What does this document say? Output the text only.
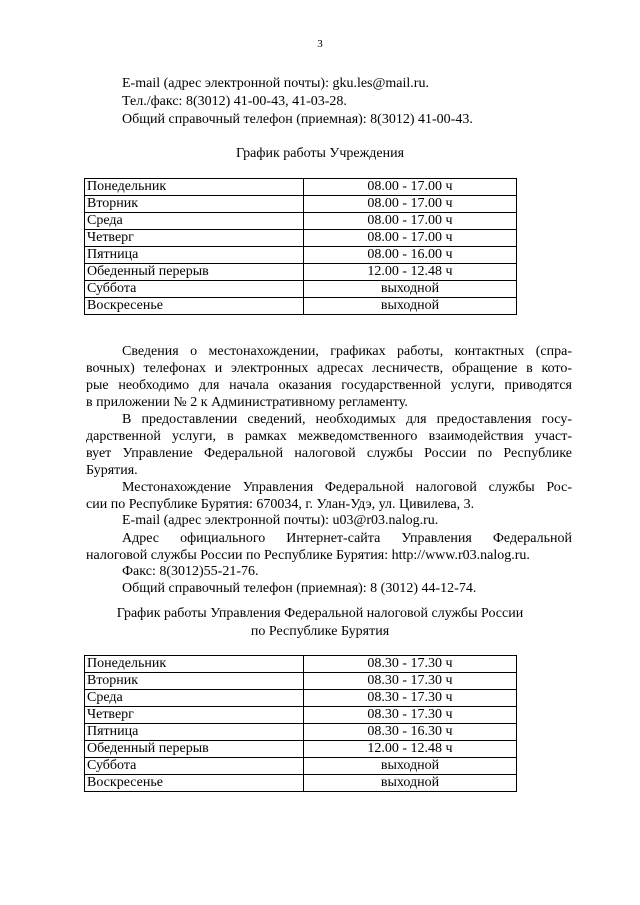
3
E-mail (адрес электронной почты): gku.les@mail.ru.
Тел./факс: 8(3012) 41-00-43, 41-03-28.
Общий справочный телефон (приемная): 8(3012) 41-00-43.
График работы Учреждения
Понедельник	08.00 - 17.00 ч
Вторник	08.00 - 17.00 ч
Среда	08.00 - 17.00 ч
Четверг	08.00 - 17.00 ч
Пятница	08.00 - 16.00 ч
Обеденный перерыв	12.00 - 12.48 ч
Суббота	выходной
Воскресенье	выходной
Сведения о местонахождении, графиках работы, контактных (спра-
вочных) телефонах и электронных адресах лесничеств, обращение в кото-
рые необходимо для начала оказания государственной услуги, приводятся
в приложении № 2 к Административному регламенту.
В предоставлении сведений, необходимых для предоставления госу-
дарственной услуги, в рамках межведомственного взаимодействия участ-
вует Управление Федеральной налоговой службы России по Республике
Бурятия.
Местонахождение Управления Федеральной налоговой службы Рос-
сии по Республике Бурятия: 670034, г. Улан-Удэ, ул. Цивилева, 3.
E-mail (адрес электронной почты): u03@r03.nalog.ru.
Адрес официального Интернет-сайта Управления Федеральной
налоговой службы России по Республике Бурятия: http://www.r03.nalog.ru.
Факс: 8(3012)55-21-76.
Общий справочный телефон (приемная): 8 (3012) 44-12-74.
График работы Управления Федеральной налоговой службы России
по Республике Бурятия
Понедельник	08.30 - 17.30 ч
Вторник	08.30 - 17.30 ч
Среда	08.30 - 17.30 ч
Четверг	08.30 - 17.30 ч
Пятница	08.30 - 16.30 ч
Обеденный перерыв	12.00 - 12.48 ч
Суббота	выходной
Воскресенье	выходной
